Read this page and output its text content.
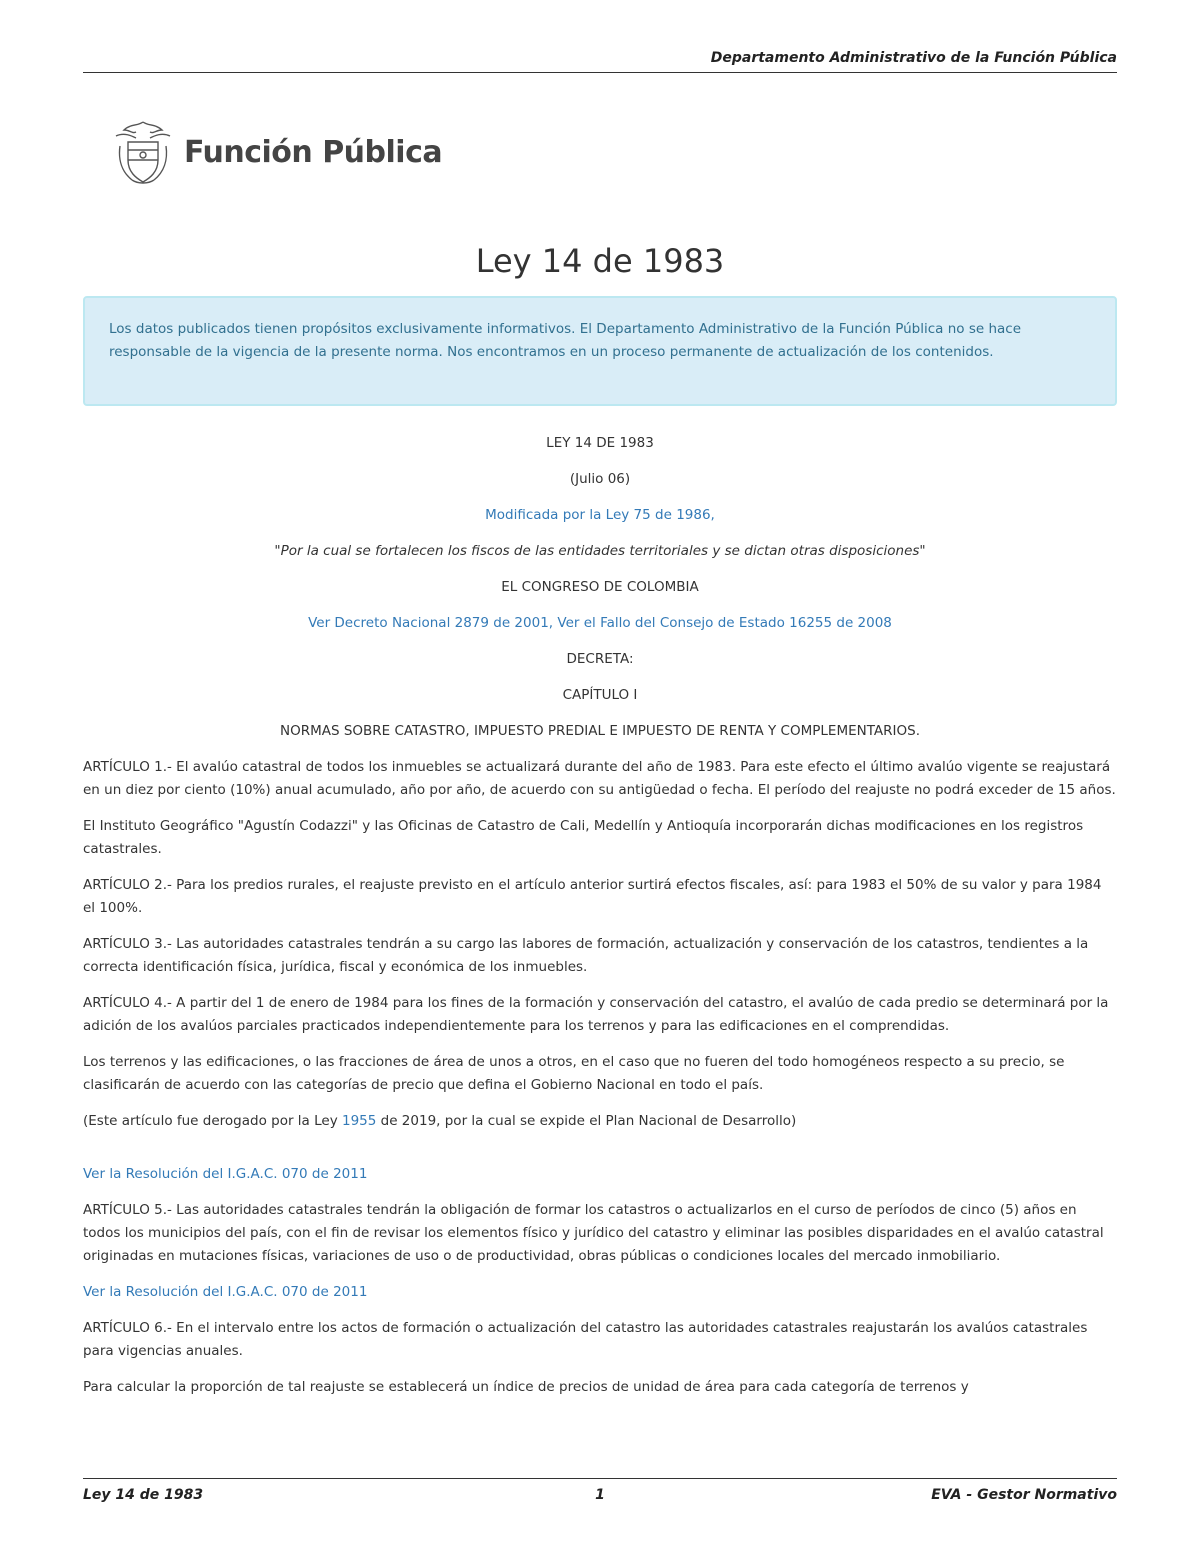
Departamento Administrativo de la Función Pública
Función Pública
Ley 14 de 1983
Los datos publicados tienen propósitos exclusivamente informativos. El Departamento Administrativo de la Función Pública no se hace responsable de la vigencia de la presente norma. Nos encontramos en un proceso permanente de actualización de los contenidos.

LEY 14 DE 1983

(Julio 06)

Modificada por la Ley 75 de 1986,

"Por la cual se fortalecen los fiscos de las entidades territoriales y se dictan otras disposiciones"

EL CONGRESO DE COLOMBIA

Ver Decreto Nacional 2879 de 2001, Ver el Fallo del Consejo de Estado 16255 de 2008

DECRETA:

CAPÍTULO I

NORMAS SOBRE CATASTRO, IMPUESTO PREDIAL E IMPUESTO DE RENTA Y COMPLEMENTARIOS.

ARTÍCULO 1.- El avalúo catastral de todos los inmuebles se actualizará durante del año de 1983. Para este efecto el último avalúo vigente se reajustará en un diez por ciento (10%) anual acumulado, año por año, de acuerdo con su antigüedad o fecha. El período del reajuste no podrá exceder de 15 años.

El Instituto Geográfico "Agustín Codazzi" y las Oficinas de Catastro de Cali, Medellín y Antioquía incorporarán dichas modificaciones en los registros catastrales.

ARTÍCULO 2.- Para los predios rurales, el reajuste previsto en el artículo anterior surtirá efectos fiscales, así: para 1983 el 50% de su valor y para 1984 el 100%.

ARTÍCULO 3.- Las autoridades catastrales tendrán a su cargo las labores de formación, actualización y conservación de los catastros, tendientes a la correcta identificación física, jurídica, fiscal y económica de los inmuebles.

ARTÍCULO 4.- A partir del 1 de enero de 1984 para los fines de la formación y conservación del catastro, el avalúo de cada predio se determinará por la adición de los avalúos parciales practicados independientemente para los terrenos y para las edificaciones en el comprendidas.

Los terrenos y las edificaciones, o las fracciones de área de unos a otros, en el caso que no fueren del todo homogéneos respecto a su precio, se clasificarán de acuerdo con las categorías de precio que defina el Gobierno Nacional en todo el país.

(Este artículo fue derogado por la Ley 1955 de 2019, por la cual se expide el Plan Nacional de Desarrollo)

Ver la Resolución del I.G.A.C. 070 de 2011

ARTÍCULO 5.- Las autoridades catastrales tendrán la obligación de formar los catastros o actualizarlos en el curso de períodos de cinco (5) años en todos los municipios del país, con el fin de revisar los elementos físico y jurídico del catastro y eliminar las posibles disparidades en el avalúo catastral originadas en mutaciones físicas, variaciones de uso o de productividad, obras públicas o condiciones locales del mercado inmobiliario.

Ver la Resolución del I.G.A.C. 070 de 2011

ARTÍCULO 6.- En el intervalo entre los actos de formación o actualización del catastro las autoridades catastrales reajustarán los avalúos catastrales para vigencias anuales.

Para calcular la proporción de tal reajuste se establecerá un índice de precios de unidad de área para cada categoría de terrenos y

Ley 14 de 1983	1	EVA - Gestor Normativo
